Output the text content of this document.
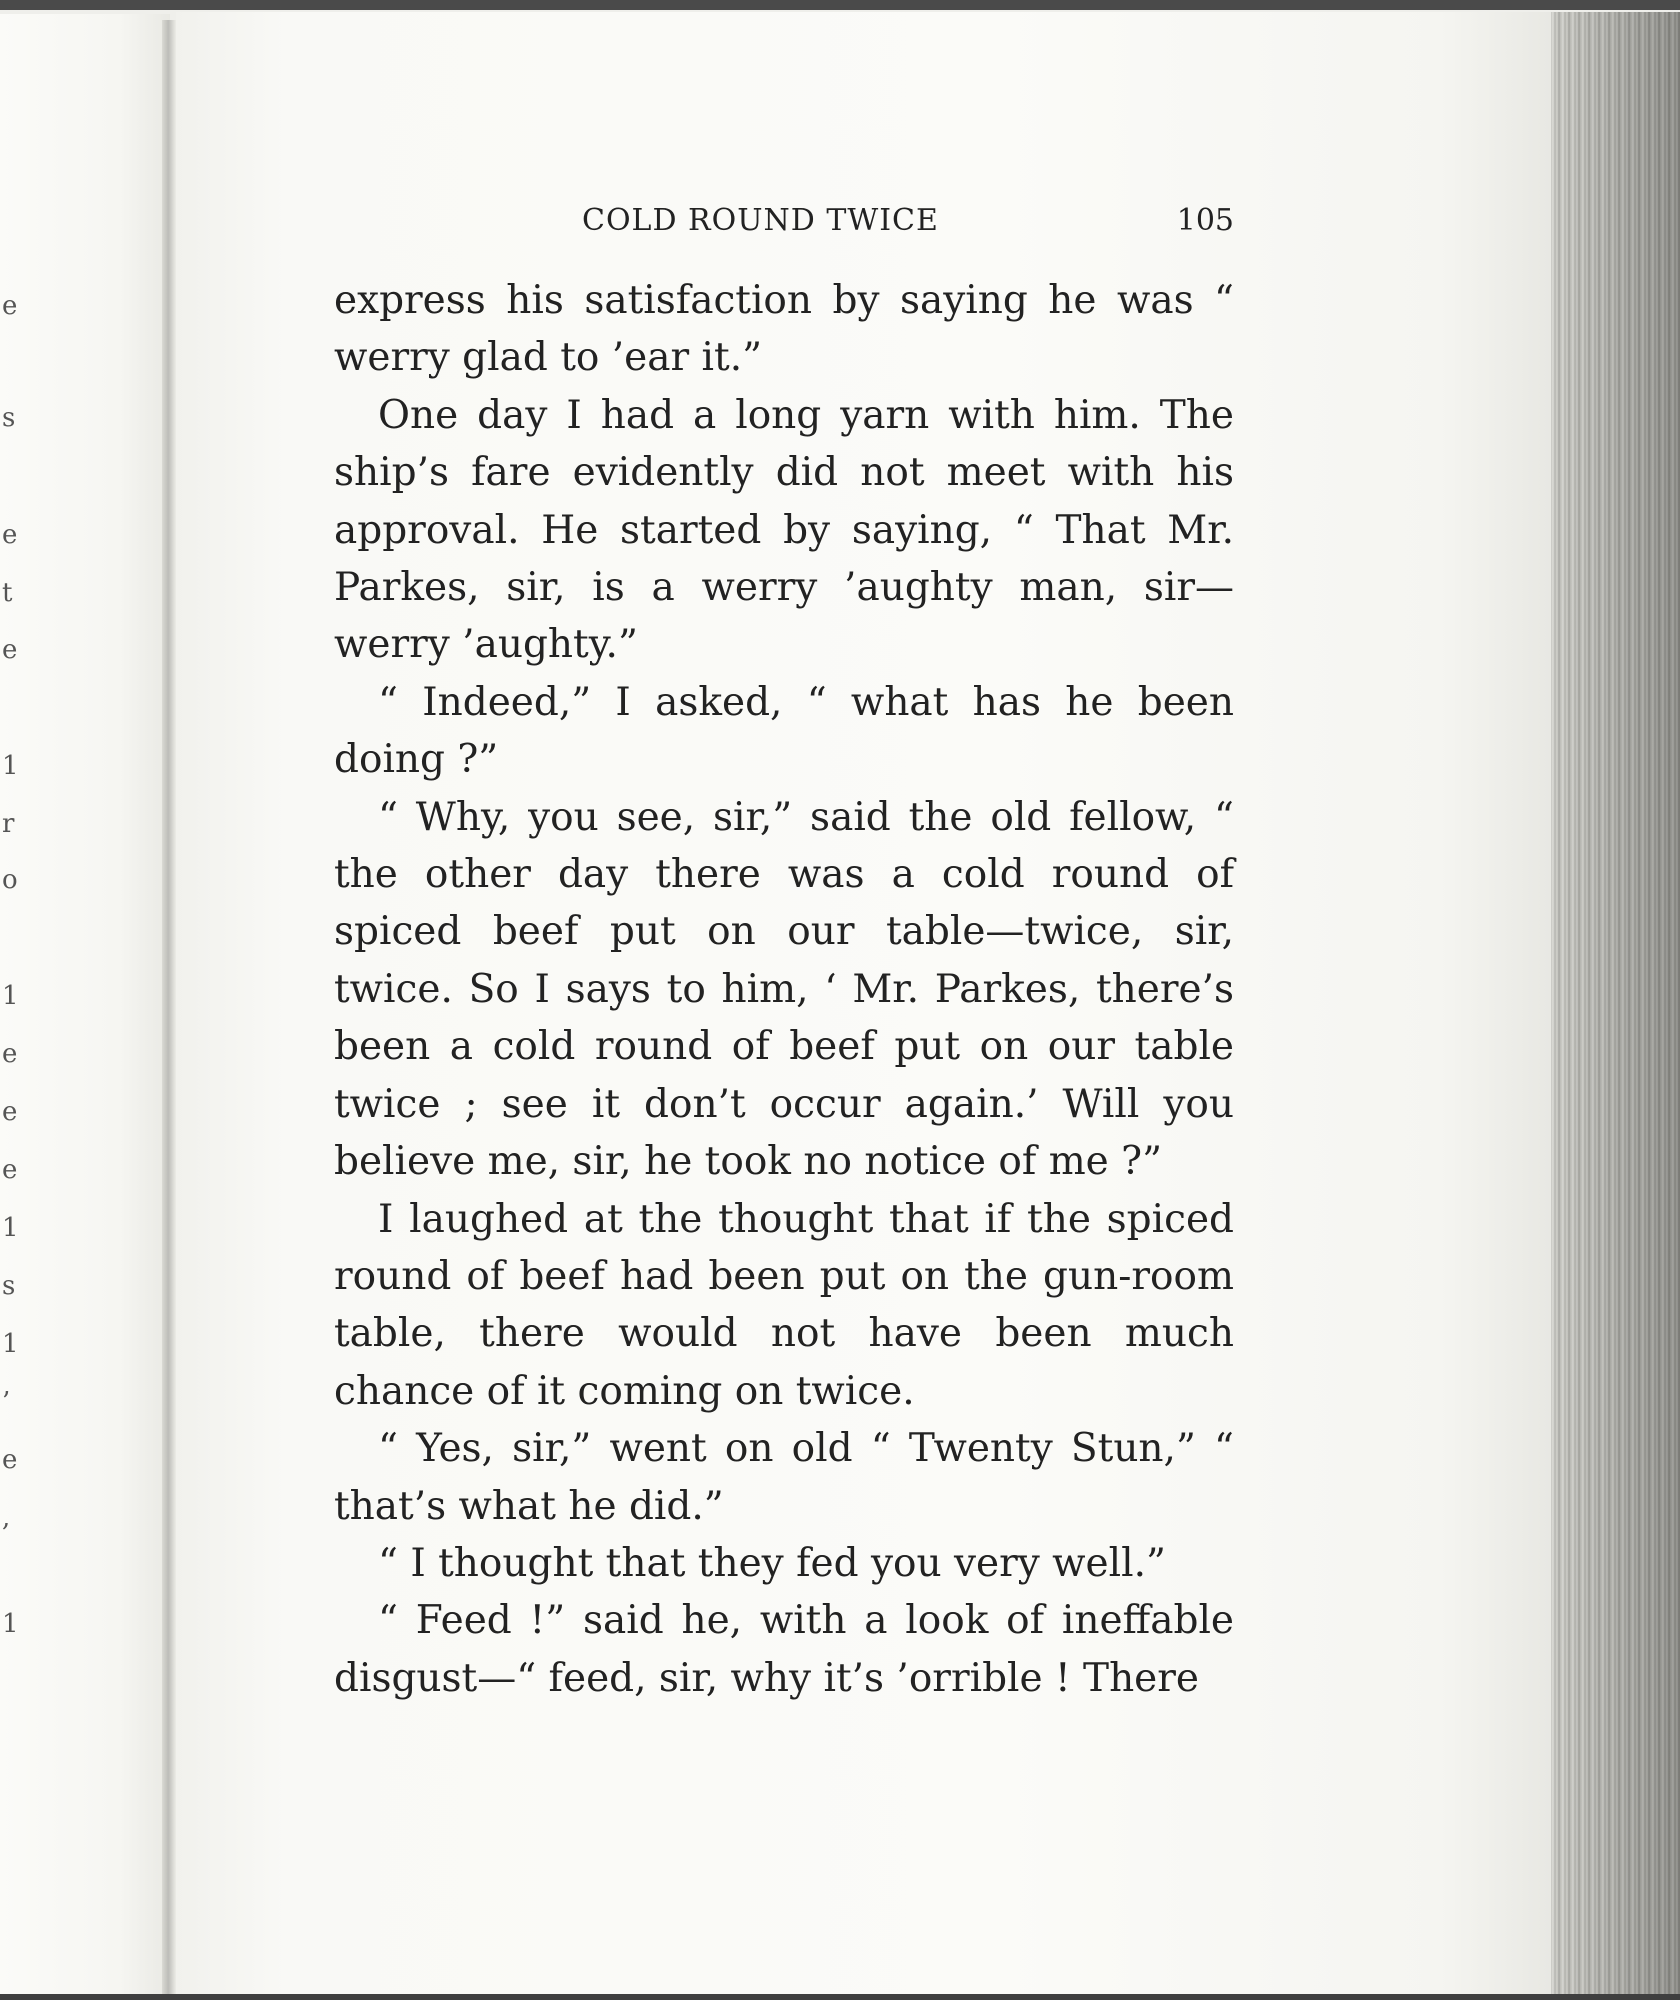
e
s
e
t
e
1
r
o
1
e
e
e
1
s
1
’
e
,
1
COLD ROUND TWICE	105

express his satisfaction by saying he was “ werry glad to ’ear it.”

One day I had a long yarn with him. The ship’s fare evidently did not meet with his approval. He started by saying, “ That Mr. Parkes, sir, is a werry ’aughty man, sir—werry ’aughty.”

“ Indeed,” I asked, “ what has he been doing ?”

“ Why, you see, sir,” said the old fellow, “ the other day there was a cold round of spiced beef put on our table—twice, sir, twice. So I says to him, ‘ Mr. Parkes, there’s been a cold round of beef put on our table twice ; see it don’t occur again.’ Will you believe me, sir, he took no notice of me ?”

I laughed at the thought that if the spiced round of beef had been put on the gun-room table, there would not have been much chance of it coming on twice.

“ Yes, sir,” went on old “ Twenty Stun,” “ that’s what he did.”

“ I thought that they fed you very well.”

“ Feed !” said he, with a look of ineffable disgust—“ feed, sir, why it’s ’orrible ! There
